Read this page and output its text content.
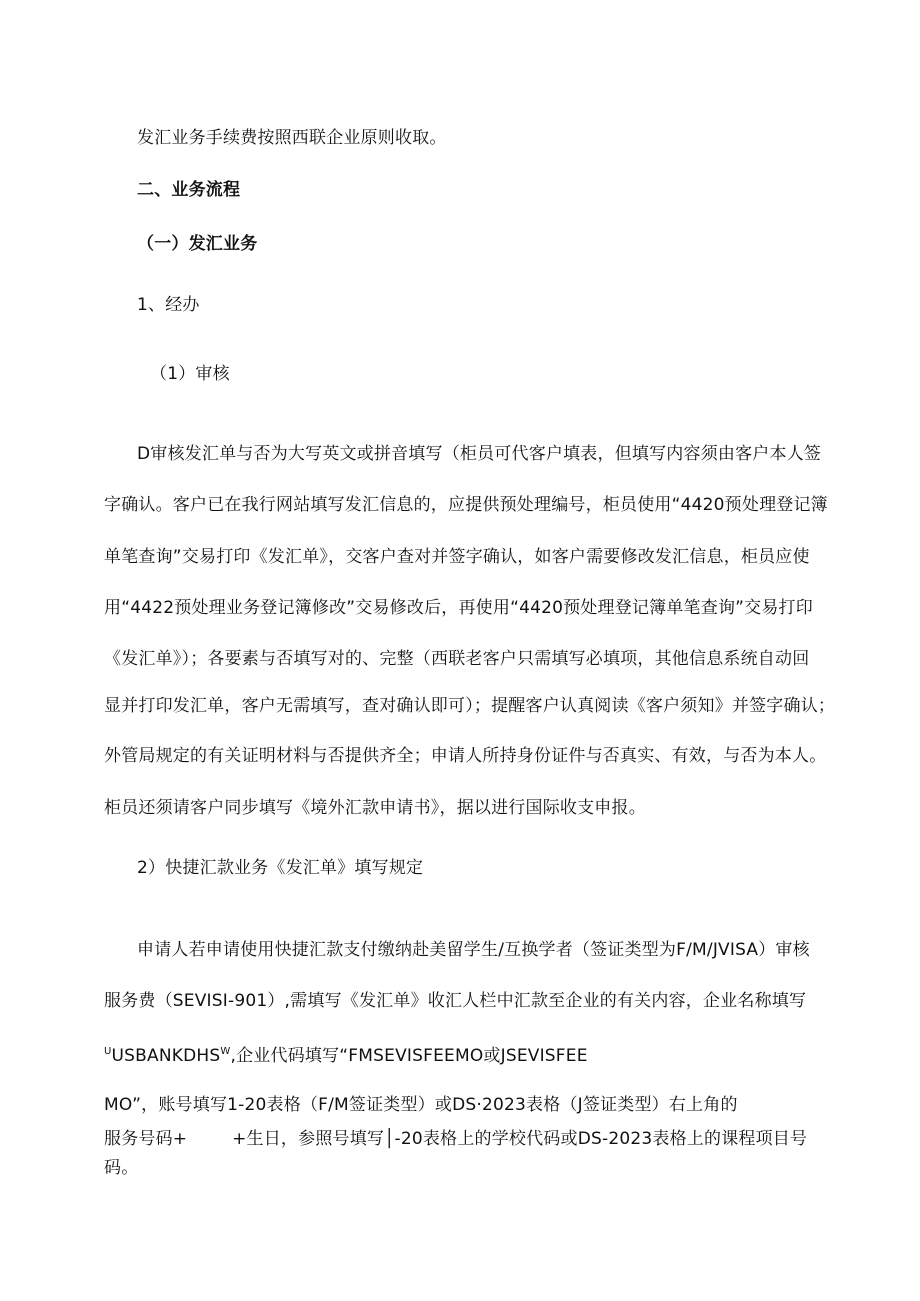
发汇业务手续费按照西联企业原则收取。
二、业务流程
（一）发汇业务
1、经办
（1）审核
D审核发汇单与否为大写英文或拼音填写（柜员可代客户填表，但填写内容须由客户本人签
字确认。客户已在我行网站填写发汇信息的，应提供预处理编号，柜员使用“4420预处理登记簿
单笔查询”交易打印《发汇单》，交客户查对并签字确认，如客户需要修改发汇信息，柜员应使
用“4422预处理业务登记簿修改”交易修改后，再使用“4420预处理登记簿单笔查询”交易打印
《发汇单》）；各要素与否填写对的、完整（西联老客户只需填写必填项，其他信息系统自动回
显并打印发汇单，客户无需填写，查对确认即可）；提醒客户认真阅读《客户须知》并签字确认；
外管局规定的有关证明材料与否提供齐全；申请人所持身份证件与否真实、有效，与否为本人。
柜员还须请客户同步填写《境外汇款申请书》，据以进行国际收支申报。
2）快捷汇款业务《发汇单》填写规定
申请人若申请使用快捷汇款支付缴纳赴美留学生/互换学者（签证类型为F/M/JVISA）审核
服务费（SEVISI-901）,需填写《发汇单》收汇人栏中汇款至企业的有关内容，企业名称填写
$^UUSBANKDHS^W$,企业代码填写“FMSEVISFEEMO或JSEVISFEE
MO”，账号填写1-20表格（F/M签证类型）或DS·2023表格（J签证类型）右上角的
服务号码+        +生日，参照号填写│-20表格上的学校代码或DS-2023表格上的课程项目号
码。
